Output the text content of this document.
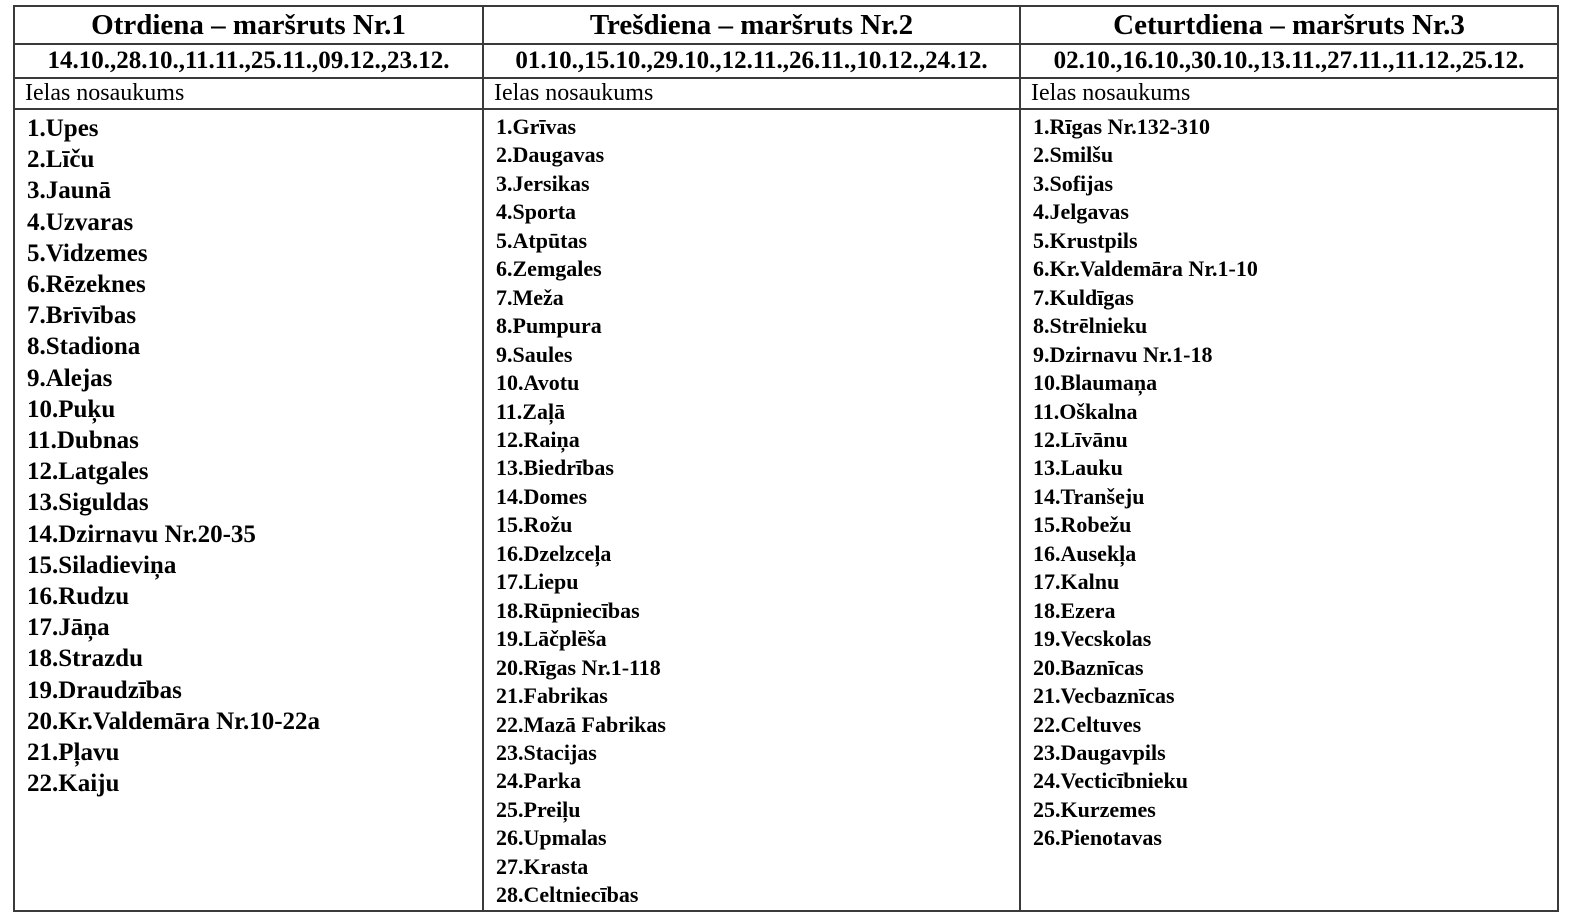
Otrdiena – maršruts Nr.1	Trešdiena – maršruts Nr.2	Ceturtdiena – maršruts Nr.3
14.10.,28.10.,11.11.,25.11.,09.12.,23.12.	01.10.,15.10.,29.10.,12.11.,26.11.,10.12.,24.12.	02.10.,16.10.,30.10.,13.11.,27.11.,11.12.,25.12.
Ielas nosaukums	Ielas nosaukums	Ielas nosaukums

1.Upes
2.Līču
3.Jaunā
4.Uzvaras
5.Vidzemes
6.Rēzeknes
7.Brīvības
8.Stadiona
9.Alejas
10.Puķu
11.Dubnas
12.Latgales
13.Siguldas
14.Dzirnavu Nr.20-35
15.Siladieviņa
16.Rudzu
17.Jāņa
18.Strazdu
19.Draudzības
20.Kr.Valdemāra Nr.10-22a
21.Pļavu
22.Kaiju

1.Grīvas
2.Daugavas
3.Jersikas
4.Sporta
5.Atpūtas
6.Zemgales
7.Meža
8.Pumpura
9.Saules
10.Avotu
11.Zaļā
12.Raiņa
13.Biedrības
14.Domes
15.Rožu
16.Dzelzceļa
17.Liepu
18.Rūpniecības
19.Lāčplēša
20.Rīgas Nr.1-118
21.Fabrikas
22.Mazā Fabrikas
23.Stacijas
24.Parka
25.Preiļu
26.Upmalas
27.Krasta
28.Celtniecības

1.Rīgas Nr.132-310
2.Smilšu
3.Sofijas
4.Jelgavas
5.Krustpils
6.Kr.Valdemāra Nr.1-10
7.Kuldīgas
8.Strēlnieku
9.Dzirnavu Nr.1-18
10.Blaumaņa
11.Oškalna
12.Līvānu
13.Lauku
14.Tranšeju
15.Robežu
16.Ausekļa
17.Kalnu
18.Ezera
19.Vecskolas
20.Baznīcas
21.Vecbaznīcas
22.Celtuves
23.Daugavpils
24.Vecticībnieku
25.Kurzemes
26.Pienotavas
